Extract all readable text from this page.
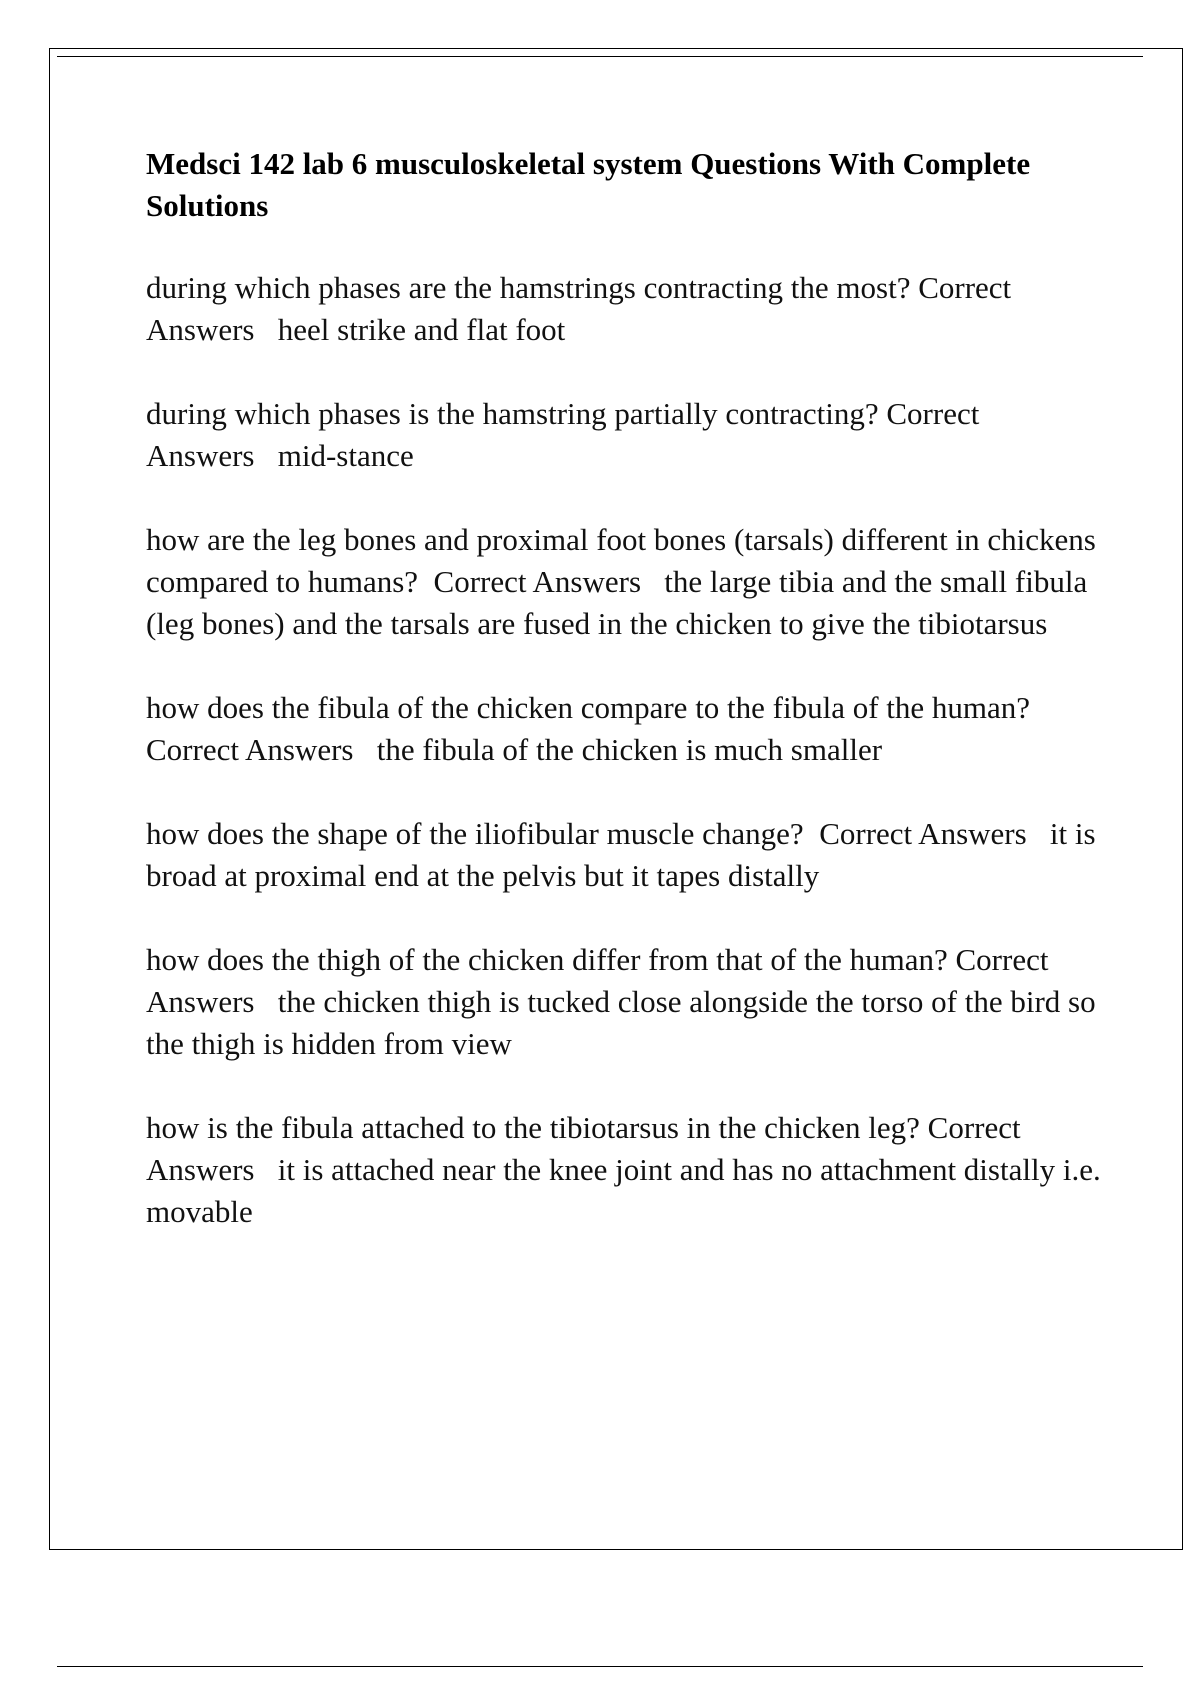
Medsci 142 lab 6 musculoskeletal system Questions With Complete Solutions

during which phases are the hamstrings contracting the most? Correct Answers heel strike and flat foot

during which phases is the hamstring partially contracting? Correct Answers mid-stance

how are the leg bones and proximal foot bones (tarsals) different in chickens compared to humans? Correct Answers the large tibia and the small fibula (leg bones) and the tarsals are fused in the chicken to give the tibiotarsus

how does the fibula of the chicken compare to the fibula of the human?  Correct Answers the fibula of the chicken is much smaller

how does the shape of the iliofibular muscle change? Correct Answers it is broad at proximal end at the pelvis but it tapes distally

how does the thigh of the chicken differ from that of the human? Correct Answers the chicken thigh is tucked close alongside the torso of the bird so the thigh is hidden from view

how is the fibula attached to the tibiotarsus in the chicken leg? Correct Answers it is attached near the knee joint and has no attachment distally i.e. movable
